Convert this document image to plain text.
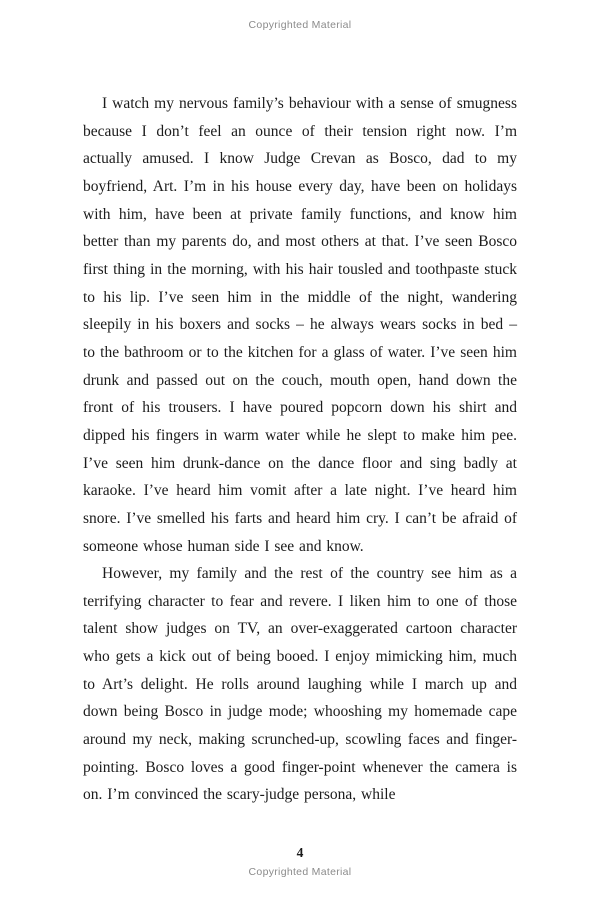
Copyrighted Material

I watch my nervous family’s behaviour with a sense of smugness because I don’t feel an ounce of their tension right now. I’m actually amused. I know Judge Crevan as Bosco, dad to my boyfriend, Art. I’m in his house every day, have been on holidays with him, have been at private family functions, and know him better than my parents do, and most others at that. I’ve seen Bosco first thing in the morning, with his hair tousled and toothpaste stuck to his lip. I’ve seen him in the middle of the night, wandering sleepily in his boxers and socks – he always wears socks in bed – to the bathroom or to the kitchen for a glass of water. I’ve seen him drunk and passed out on the couch, mouth open, hand down the front of his trousers. I have poured popcorn down his shirt and dipped his fingers in warm water while he slept to make him pee. I’ve seen him drunk-dance on the dance floor and sing badly at karaoke. I’ve heard him vomit after a late night. I’ve heard him snore. I’ve smelled his farts and heard him cry. I can’t be afraid of someone whose human side I see and know.

However, my family and the rest of the country see him as a terrifying character to fear and revere. I liken him to one of those talent show judges on TV, an over-exaggerated cartoon character who gets a kick out of being booed. I enjoy mimicking him, much to Art’s delight. He rolls around laughing while I march up and down being Bosco in judge mode; whooshing my homemade cape around my neck, making scrunched-up, scowling faces and finger-pointing. Bosco loves a good finger-point whenever the camera is on. I’m convinced the scary-judge persona, while

4
Copyrighted Material
